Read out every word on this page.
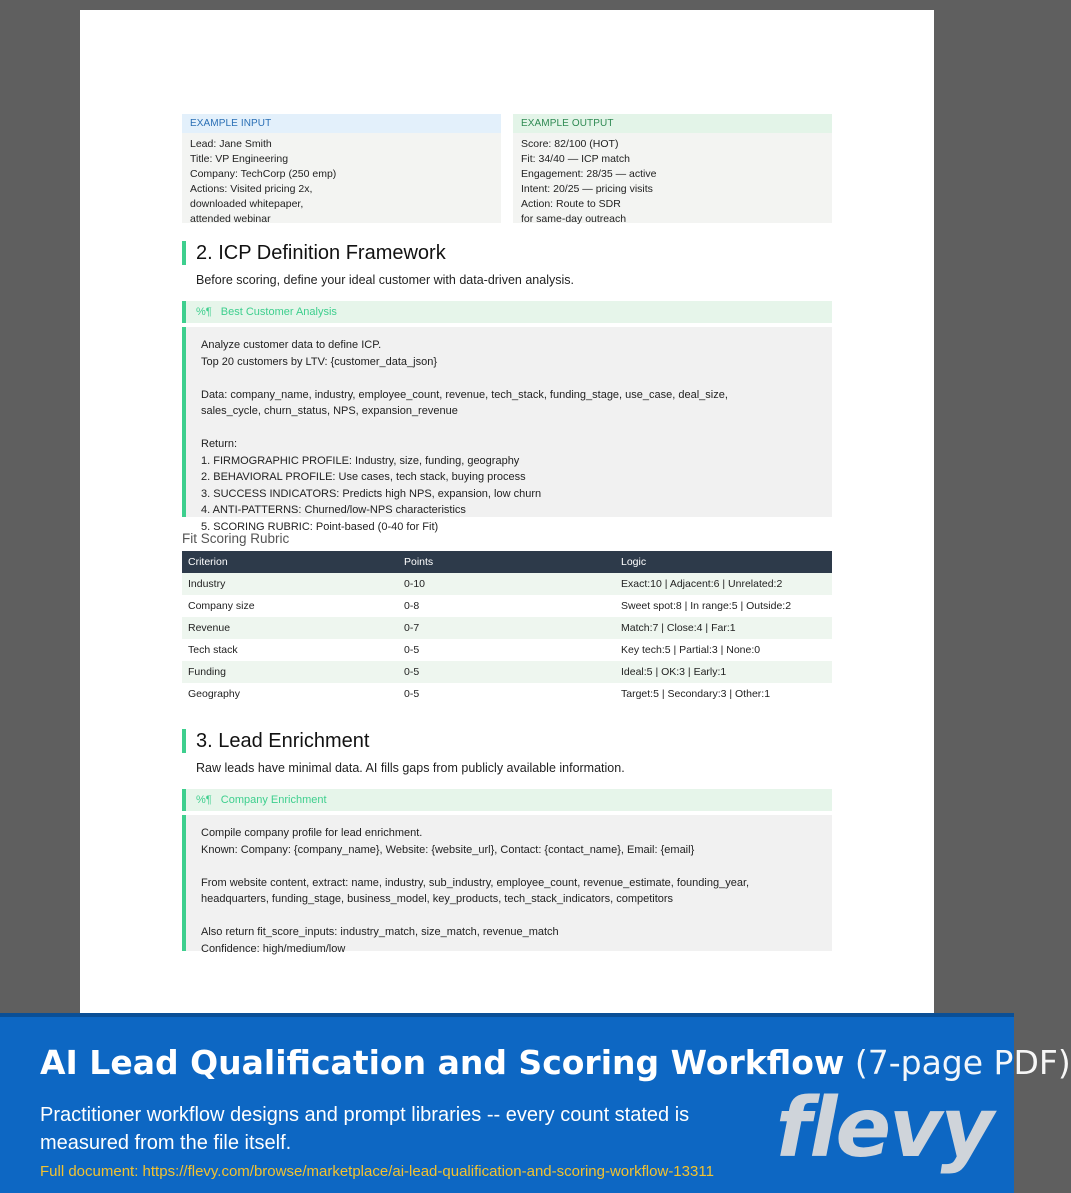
EXAMPLE INPUT
Lead: Jane Smith
Title: VP Engineering
Company: TechCorp (250 emp)
Actions: Visited pricing 2x,
downloaded whitepaper,
attended webinar
EXAMPLE OUTPUT
Score: 82/100 (HOT)
Fit: 34/40 — ICP match
Engagement: 28/35 — active
Intent: 20/25 — pricing visits
Action: Route to SDR
for same-day outreach
2. ICP Definition Framework
Before scoring, define your ideal customer with data-driven analysis.
%¶ Best Customer Analysis
Analyze customer data to define ICP.
Top 20 customers by LTV: {customer_data_json}
Data: company_name, industry, employee_count, revenue, tech_stack, funding_stage, use_case, deal_size,
sales_cycle, churn_status, NPS, expansion_revenue
Return:
1. FIRMOGRAPHIC PROFILE: Industry, size, funding, geography
2. BEHAVIORAL PROFILE: Use cases, tech stack, buying process
3. SUCCESS INDICATORS: Predicts high NPS, expansion, low churn
4. ANTI-PATTERNS: Churned/low-NPS characteristics
5. SCORING RUBRIC: Point-based (0-40 for Fit)
Fit Scoring Rubric
Criterion	Points	Logic
Industry	0-10	Exact:10 | Adjacent:6 | Unrelated:2
Company size	0-8	Sweet spot:8 | In range:5 | Outside:2
Revenue	0-7	Match:7 | Close:4 | Far:1
Tech stack	0-5	Key tech:5 | Partial:3 | None:0
Funding	0-5	Ideal:5 | OK:3 | Early:1
Geography	0-5	Target:5 | Secondary:3 | Other:1
3. Lead Enrichment
Raw leads have minimal data. AI fills gaps from publicly available information.
%¶ Company Enrichment
Compile company profile for lead enrichment.
Known: Company: {company_name}, Website: {website_url}, Contact: {contact_name}, Email: {email}
From website content, extract: name, industry, sub_industry, employee_count, revenue_estimate, founding_year,
headquarters, funding_stage, business_model, key_products, tech_stack_indicators, competitors
Also return fit_score_inputs: industry_match, size_match, revenue_match
Confidence: high/medium/low
AI Lead Qualification and Scoring Workflow (7-page PDF)
Practitioner workflow designs and prompt libraries -- every count stated is measured from the file itself.
Full document: https://flevy.com/browse/marketplace/ai-lead-qualification-and-scoring-workflow-13311 flevy
